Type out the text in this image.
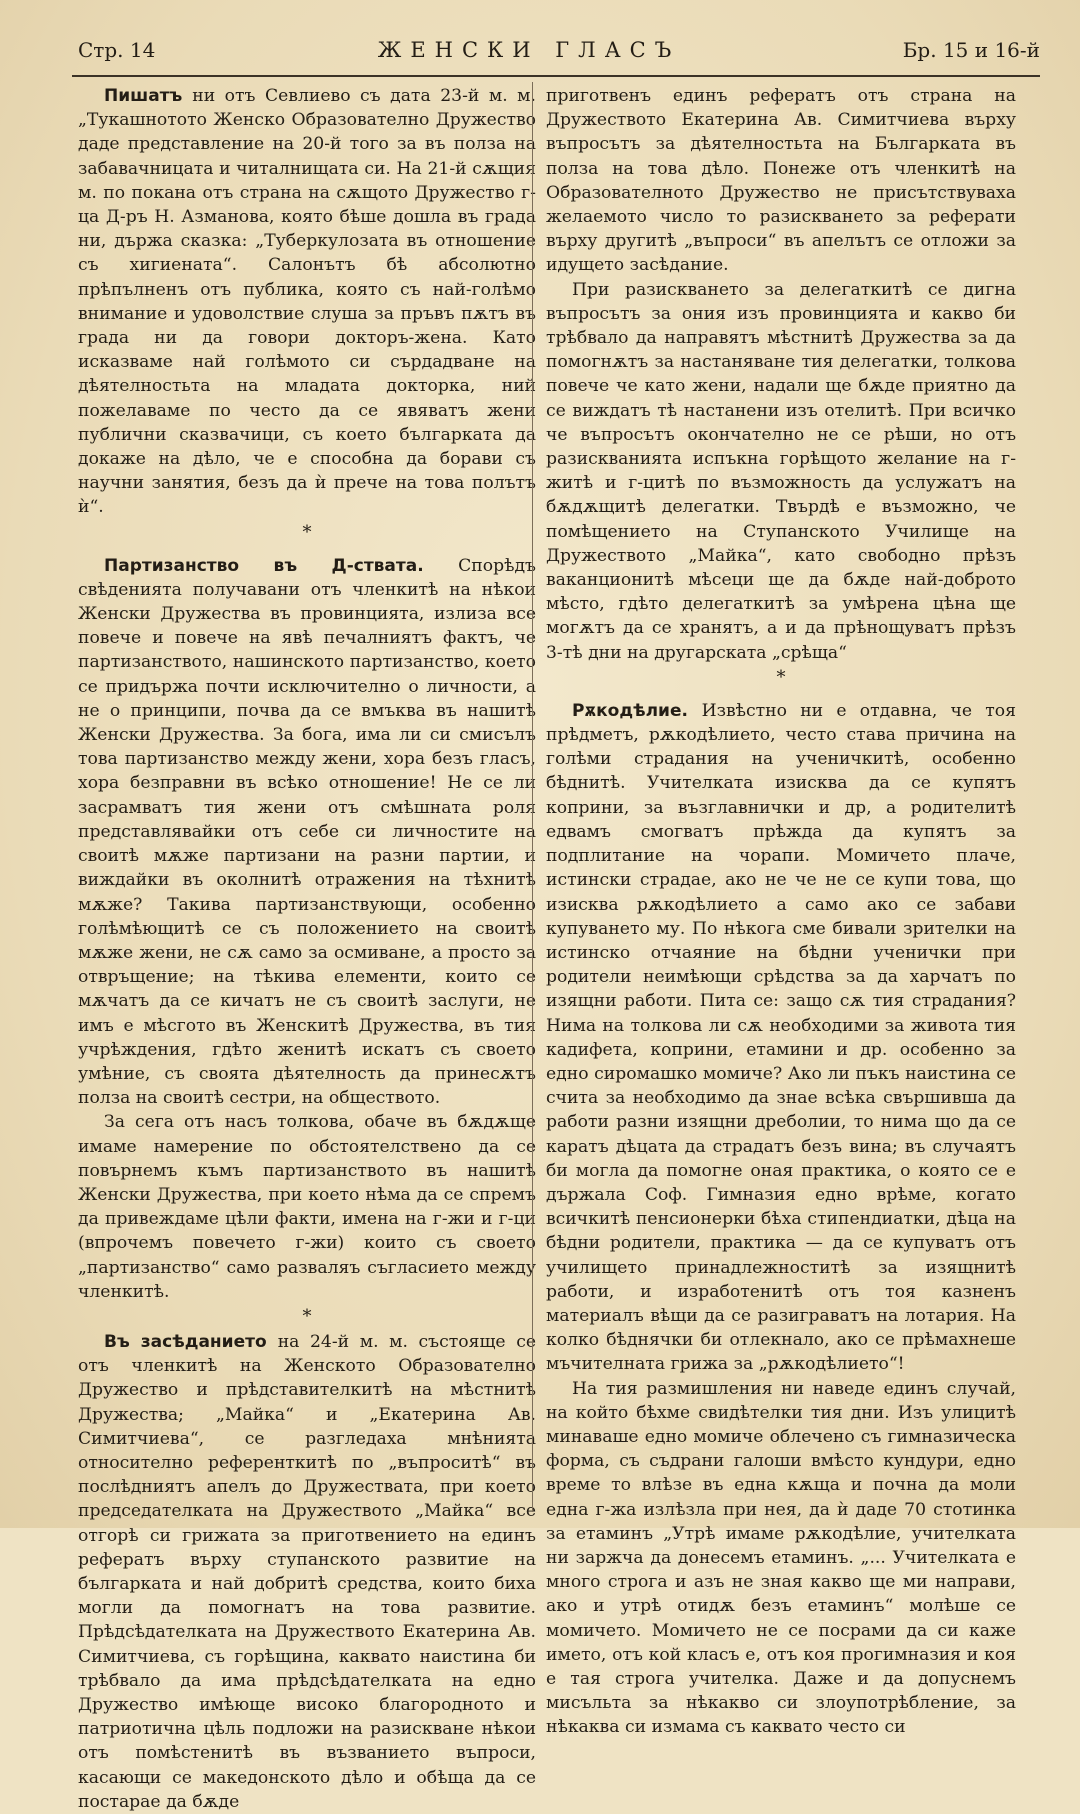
Стр. 14	ЖЕНСКИ ГЛАСЪ	Бр. 15 и 16-й

Пишатъ ни отъ Севлиево съ дата 23-й м. м. „Тукашнотото Женско Образователно Дружество даде представление на 20-й того за въ полза на забавачницата и читалнищата си. На 21-й сѫщия м. по покана отъ страна на сѫщото Дружество г-ца Д-ръ Н. Азманова, която бѣше дошла въ града ни, държа сказка: „Туберкулозата въ отношение съ хигиената“. Салонътъ бѣ абсолютно прѣпълненъ отъ публика, която съ най-голѣмо внимание и удоволствие слуша за пръвъ пѫтъ въ града ни да говори докторъ-жена. Като исказваме най голѣмото си сърдадване на дѣятелностьта на младата докторка, ний пожелаваме по често да се явяватъ жени публични сказвачици, съ което българката да докаже на дѣло, че е способна да борави съ научни занятия, безъ да ѝ прече на това полътъ ѝ“.

*

Партизанство въ Д-ствата. Спорѣдъ свѣденията получавани отъ членкитѣ на нѣкои Женски Дружества въ провинцията, излиза все повече и повече на явѣ печалниятъ фактъ, че партизанството, нашинското партизанство, което се придържа почти исключително о личности, а не о принципи, почва да се вмъква въ нашитѣ Женски Дружества. За бога, има ли си смисълъ това партизанство между жени, хора безъ гласъ, хора безправни въ всѣко отношение! Не се ли засрамватъ тия жени отъ смѣшната роля представлявайки отъ себе си личностите на своитѣ мѫже партизани на разни партии, и виждайки въ околнитѣ отражения на тѣхнитѣ мѫже? Такива партизанствующи, особенно голѣмѣющитѣ се съ положението на своитѣ мѫже жени, не сѫ само за осмиване, а просто за отвръщение; на тѣкива елементи, които се мѫчатъ да се кичатъ не съ своитѣ заслуги, не имъ е мѣсгото въ Женскитѣ Дружества, въ тия учрѣждения, гдѣто женитѣ искатъ съ своето умѣние, съ своята дѣятелность да принесѫтъ полза на своитѣ сестри, на обществото.

За сега отъ насъ толкова, обаче въ бѫдѫще имаме намерение по обстоятелствено да се повърнемъ къмъ партизанството въ нашитѣ Женски Дружества, при което нѣма да се спремъ да привеждаме цѣли факти, имена на г-жи и г-ци (впрочемъ повечето г-жи) които съ своето „партизанство“ само разваляъ съгласието между членкитѣ.

*

Въ засѣданието на 24-й м. м. състояще се отъ членкитѣ на Женското Образователно Дружество и прѣдставителкитѣ на мѣстнитѣ Дружества; „Майка“ и „Екатерина Ав. Симитчиева“, се разгледаха мнѣнията относително реферeнткитѣ по „въпроситѣ“ въ послѣдниятъ апелъ до Дружествата, при което председателката на Дружеството „Майка“ все отгорѣ си грижата за приготвението на единъ рефератъ върху ступанското развитие на българката и най добритѣ средства, които биха могли да помогнатъ на това развитие. Прѣдсѣдателката на Дружеството Екатерина Ав. Симитчиева, съ горѣщина, каквато наистина би трѣбвало да има прѣдсѣдателката на едно Дружество имѣюще високо благородното и патриотична цѣль подложи на разискване нѣкои отъ помѣстенитѣ въ възванието въпроси, касающи се македонското дѣло и обѣща да се постарае да бѫде

приготвенъ единъ рефератъ отъ страна на Дружеството Екатерина Ав. Симитчиева върху въпросътъ за дѣятелностьта на Българката въ полза на това дѣло. Понеже отъ членкитѣ на Образователното Дружество не присътствуваха желаемото число то разискването за реферати върху другитѣ „въпроси“ въ апелътъ се отложи за идущето засѣдание.

При разискването за делегаткитѣ се дигна въпросътъ за ония изъ провинцията и какво би трѣбвало да направятъ мѣстнитѣ Дружества за да помогнѫтъ за настаняване тия делегатки, толкова повече че като жени, надали ще бѫде приятно да се виждатъ тѣ настанени изъ отелитѣ. При всичко че въпросътъ окончателно не се рѣши, но отъ разискванията испъкна горѣщото желание на г-житѣ и г-цитѣ по възможность да услужатъ на бѫдѫщитѣ делегатки. Твърдѣ е възможно, че помѣщението на Ступанското Училище на Дружеството „Майка“, като свободно прѣзъ ваканционитѣ мѣсеци ще да бѫде най-доброто мѣсто, гдѣто делегаткитѣ за умѣрена цѣна ще могѫтъ да се хранятъ, а и да прѣнощуватъ прѣзъ 3-тѣ дни на другарската „срѣща“

*

Рѫкодѣлие. Извѣстно ни е отдавна, че тоя прѣдметъ, рѫкодѣлието, често става причина на голѣми страдания на ученичкитѣ, особенно бѣднитѣ. Учителката изисква да се купятъ коприни, за възглавнички и др, а родителитѣ едвамъ смогватъ прѣжда да купятъ за подплитание на чорапи. Момичето плаче, истински страдае, ако не че не се купи това, що изисква рѫкодѣлието а само ако се забави купуването му. По нѣкога сме бивали зрителки на истинско отчаяние на бѣдни ученички при родители неимѣющи срѣдства за да харчатъ по изящни работи. Пита се: защо сѫ тия страдания? Нима на толкова ли сѫ необходими за живота тия кадифета, коприни, етамини и др. особенно за едно сиромашко момиче? Ако ли пъкъ наистина се счита за необходимо да знае всѣка свършивша да работи разни изящни дреболии, то нима що да се каратъ дѣцата да страдатъ безъ вина; въ случаятъ би могла да помогне оная практика, о която се е държала Соф. Гимназия едно врѣме, когато всичкитѣ пенсионерки бѣха стипендиатки, дѣца на бѣдни родители, практика — да се купуватъ отъ училището принадлежноститѣ за изящнитѣ работи, и изработенитѣ отъ тоя казненъ материалъ вѣщи да се разиграватъ на лотария. На колко бѣднячки би отлекнало, ако се прѣмахнеше мъчителната грижа за „рѫкодѣлието“!

На тия размишления ни наведе единъ случай, на който бѣхме свидѣтелки тия дни. Изъ улицитѣ минаваше едно момиче облечено съ гимназическа форма, съ съдрани галоши вмѣсто кундури, едно време то влѣзе въ една кѫща и почна да моли една г-жа излѣзла при нея, да ѝ даде 70 стотинка за етаминъ „Утрѣ имаме рѫкодѣлие, учителката ни заржча да донесемъ етаминъ. „... Учителката е много строга и азъ не зная какво ще ми направи, ако и утрѣ отидѫ безъ етаминъ“ молѣше се момичето. Момичето не се посрами да си каже името, отъ кой класъ е, отъ коя прогимназия и коя е тая строга учителка. Даже и да допуснемъ мисъльта за нѣкакво си злоупотрѣбление, за нѣкаква си измама съ каквато често си
